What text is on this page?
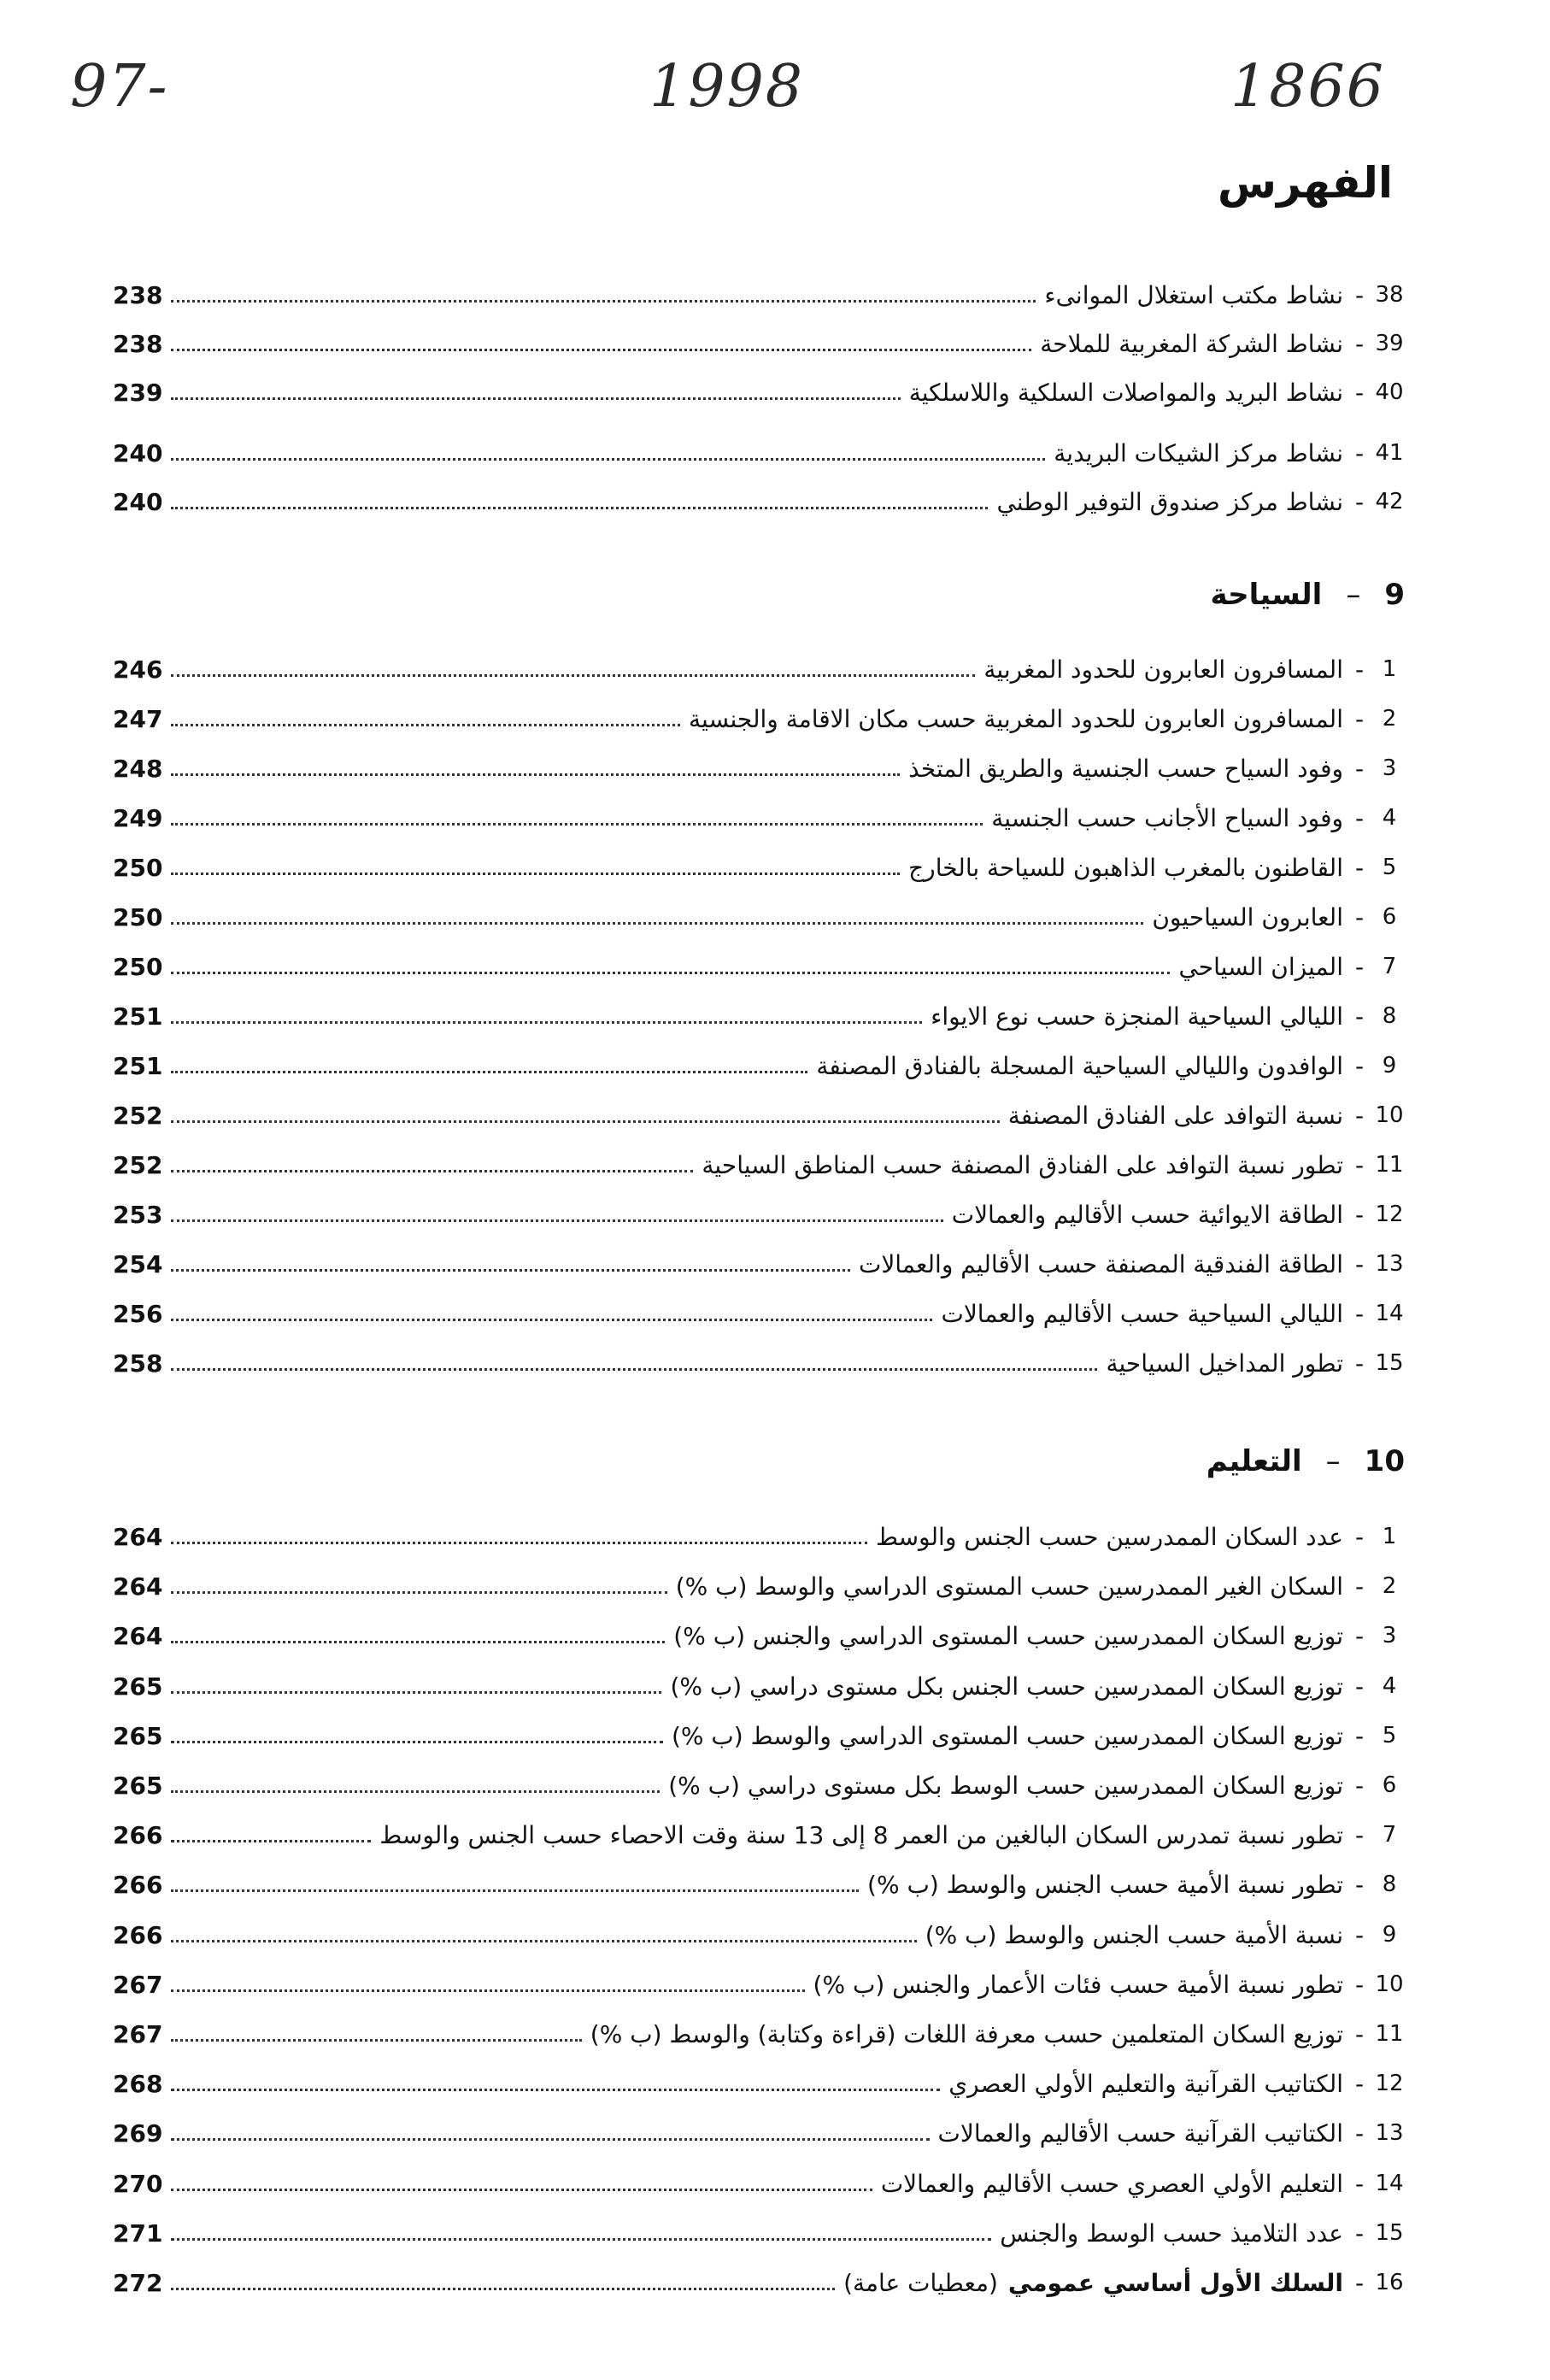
97-	1998	1866
الفهرس
38
-
نشاط مكتب استغلال الموانىء
238
39
-
نشاط الشركة المغربية للملاحة
238
40
-
نشاط البريد والمواصلات السلكية واللاسلكية
239
41
-
نشاط مركز الشيكات البريدية
240
42
-
نشاط مركز صندوق التوفير الوطني
240
9–السياحة
1
-
المسافرون العابرون للحدود المغربية
246
2
-
المسافرون العابرون للحدود المغربية حسب مكان الاقامة والجنسية
247
3
-
وفود السياح حسب الجنسية والطريق المتخذ
248
4
-
وفود السياح الأجانب حسب الجنسية
249
5
-
القاطنون بالمغرب الذاهبون للسياحة بالخارج
250
6
-
العابرون السياحيون
250
7
-
الميزان السياحي
250
8
-
الليالي السياحية المنجزة حسب نوع الايواء
251
9
-
الوافدون والليالي السياحية المسجلة بالفنادق المصنفة
251
10
-
نسبة التوافد على الفنادق المصنفة
252
11
-
تطور نسبة التوافد على الفنادق المصنفة حسب المناطق السياحية
252
12
-
الطاقة الايوائية حسب الأقاليم والعمالات
253
13
-
الطاقة الفندقية المصنفة حسب الأقاليم والعمالات
254
14
-
الليالي السياحية حسب الأقاليم والعمالات
256
15
-
تطور المداخيل السياحية
258
10–التعليم
1
-
عدد السكان الممدرسين حسب الجنس والوسط
264
2
-
السكان الغير الممدرسين حسب المستوى الدراسي والوسط (ب %)
264
3
-
توزيع السكان الممدرسين حسب المستوى الدراسي والجنس (ب %)
264
4
-
توزيع السكان الممدرسين حسب الجنس بكل مستوى دراسي (ب %)
265
5
-
توزيع السكان الممدرسين حسب المستوى الدراسي والوسط (ب %)
265
6
-
توزيع السكان الممدرسين حسب الوسط بكل مستوى دراسي (ب %)
265
7
-
تطور نسبة تمدرس السكان البالغين من العمر 8 إلى 13 سنة وقت الاحصاء حسب الجنس والوسط
266
8
-
تطور نسبة الأمية حسب الجنس والوسط (ب %)
266
9
-
نسبة الأمية حسب الجنس والوسط (ب %)
266
10
-
تطور نسبة الأمية حسب فئات الأعمار والجنس (ب %)
267
11
-
توزيع السكان المتعلمين حسب معرفة اللغات (قراءة وكتابة) والوسط (ب %)
267
12
-
الكتاتيب القرآنية والتعليم الأولي العصري
268
13
-
الكتاتيب القرآنية حسب الأقاليم والعمالات
269
14
-
التعليم الأولي العصري حسب الأقاليم والعمالات
270
15
-
عدد التلاميذ حسب الوسط والجنس
271
16
-
السلك الأول أساسي عمومي
(معطيات عامة)
272
